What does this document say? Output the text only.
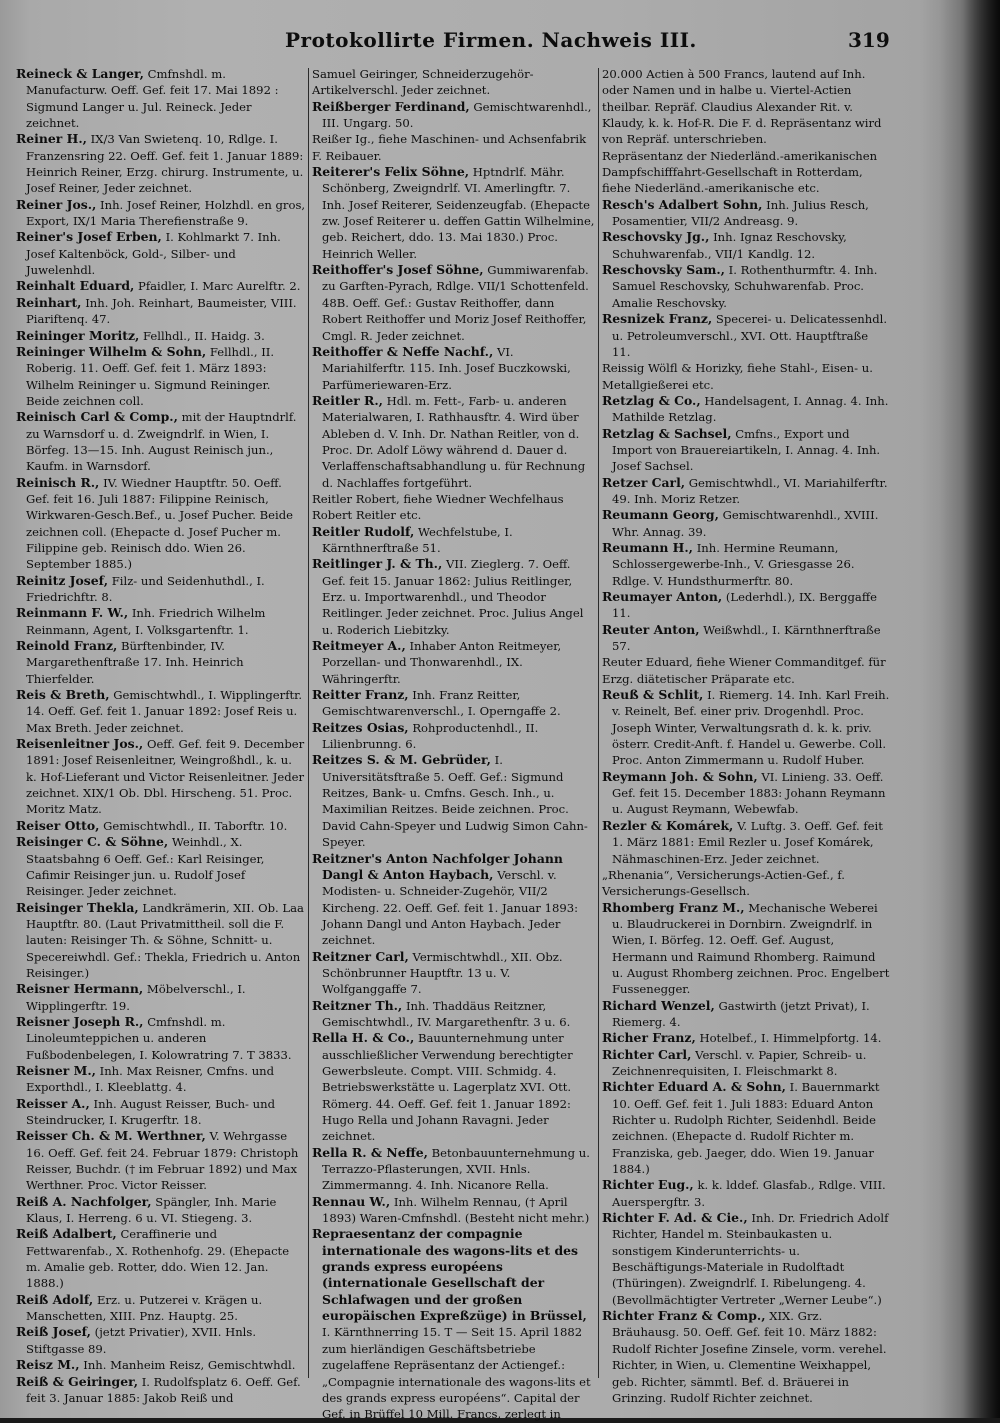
Protokollirte Firmen. Nachweis III.	319

Reineck & Langer, Cmfnshdl. m. Manufacturw. Oeff. Gef. feit 17. Mai 1892 : Sigmund Langer u. Jul. Reineck. Jeder zeichnet.

Reiner H., IX/3 Van Swietenq. 10, Rdlge. I. Franzensring 22. Oeff. Gef. feit 1. Januar 1889: Heinrich Reiner, Erzg. chirurg. Instrumente, u. Josef Reiner, Jeder zeichnet.

Reiner Jos., Inh. Josef Reiner, Holzhdl. en gros, Export, IX/1 Maria Therefienstraße 9.

Reiner's Josef Erben, I. Kohlmarkt 7. Inh. Josef Kaltenböck, Gold-, Silber- und Juwelenhdl.

Reinhalt Eduard, Pfaidler, I. Marc Aurelftr. 2.

Reinhart, Inh. Joh. Reinhart, Baumeister, VIII. Piariftenq. 47.

Reininger Moritz, Fellhdl., II. Haidg. 3.

Reininger Wilhelm & Sohn, Fellhdl., II. Roberig. 11. Oeff. Gef. feit 1. März 1893: Wilhelm Reininger u. Sigmund Reininger. Beide zeichnen coll.

Reinisch Carl & Comp., mit der Hauptndrlf. zu Warnsdorf u. d. Zweigndrlf. in Wien, I. Börfeg. 13—15. Inh. August Reinisch jun., Kaufm. in Warnsdorf.

Reinisch R., IV. Wiedner Hauptftr. 50. Oeff. Gef. feit 16. Juli 1887: Filippine Reinisch, Wirkwaren-Gesch.Bef., u. Josef Pucher. Beide zeichnen coll. (Ehepacte d. Josef Pucher m. Filippine geb. Reinisch ddo. Wien 26. September 1885.)

Reinitz Josef, Filz- und Seidenhuthdl., I. Friedrichftr. 8.

Reinmann F. W., Inh. Friedrich Wilhelm Reinmann, Agent, I. Volksgartenftr. 1.

Reinold Franz, Bürftenbinder, IV. Margarethenftraße 17. Inh. Heinrich Thierfelder.

Reis & Breth, Gemischtwhdl., I. Wipplingerftr. 14. Oeff. Gef. feit 1. Januar 1892: Josef Reis u. Max Breth. Jeder zeichnet.

Reisenleitner Jos., Oeff. Gef. feit 9. December 1891: Josef Reisenleitner, Weingroßhdl., k. u. k. Hof-Lieferant und Victor Reisenleitner. Jeder zeichnet. XIX/1 Ob. Dbl. Hirscheng. 51. Proc. Moritz Matz.

Reiser Otto, Gemischtwhdl., II. Taborftr. 10.

Reisinger C. & Söhne, Weinhdl., X. Staatsbahng 6 Oeff. Gef.: Karl Reisinger, Cafimir Reisinger jun. u. Rudolf Josef Reisinger. Jeder zeichnet.

Reisinger Thekla, Landkrämerin, XII. Ob. Laa Hauptftr. 80. (Laut Privatmittheil. soll die F. lauten: Reisinger Th. & Söhne, Schnitt- u. Specereiwhdl. Gef.: Thekla, Friedrich u. Anton Reisinger.)

Reisner Hermann, Möbelverschl., I. Wipplingerftr. 19.

Reisner Joseph R., Cmfnshdl. m. Linoleumteppichen u. anderen Fußbodenbelegen, I. Kolowratring 7. T 3833.

Reisner M., Inh. Max Reisner, Cmfns. und Exporthdl., I. Kleeblattg. 4.

Reisser A., Inh. August Reisser, Buch- und Steindrucker, I. Krugerftr. 18.

Reisser Ch. & M. Werthner, V. Wehrgasse 16. Oeff. Gef. feit 24. Februar 1879: Christoph Reisser, Buchdr. († im Februar 1892) und Max Werthner. Proc. Victor Reisser.

Reiß A. Nachfolger, Spängler, Inh. Marie Klaus, I. Herreng. 6 u. VI. Stiegeng. 3.

Reiß Adalbert, Ceraffinerie und Fettwarenfab., X. Rothenhofg. 29. (Ehepacte m. Amalie geb. Rotter, ddo. Wien 12. Jan. 1888.)

Reiß Adolf, Erz. u. Putzerei v. Krägen u. Manschetten, XIII. Pnz. Hauptg. 25.

Reiß Josef, (jetzt Privatier), XVII. Hnls. Stiftgasse 89.

Reisz M., Inh. Manheim Reisz, Gemischtwhdl.

Reiß & Geiringer, I. Rudolfsplatz 6. Oeff. Gef. feit 3. Januar 1885: Jakob Reiß und

Samuel Geiringer, Schneiderzugehör-Artikelverschl. Jeder zeichnet.

Reißberger Ferdinand, Gemischtwarenhdl., III. Ungarg. 50.

Reißer Ig., fiehe Maschinen- und Achsenfabrik F. Reibauer.

Reiterer's Felix Söhne, Hptndrlf. Mähr. Schönberg, Zweigndrlf. VI. Amerlingftr. 7. Inh. Josef Reiterer, Seidenzeugfab. (Ehepacte zw. Josef Reiterer u. deffen Gattin Wilhelmine, geb. Reichert, ddo. 13. Mai 1830.) Proc. Heinrich Weller.

Reithoffer's Josef Söhne, Gummiwarenfab. zu Garften-Pyrach, Rdlge. VII/1 Schottenfeld. 48B. Oeff. Gef.: Gustav Reithoffer, dann Robert Reithoffer und Moriz Josef Reithoffer, Cmgl. R. Jeder zeichnet.

Reithoffer & Neffe Nachf., VI. Mariahilferftr. 115. Inh. Josef Buczkowski, Parfümeriewaren-Erz.

Reitler R., Hdl. m. Fett-, Farb- u. anderen Materialwaren, I. Rathhausftr. 4. Wird über Ableben d. V. Inh. Dr. Nathan Reitler, von d. Proc. Dr. Adolf Löwy während d. Dauer d. Verlaffenschaftsabhandlung u. für Rechnung d. Nachlaffes fortgeführt.

Reitler Robert, fiehe Wiedner Wechfelhaus Robert Reitler etc.

Reitler Rudolf, Wechfelstube, I. Kärnthnerftraße 51.

Reitlinger J. & Th., VII. Zieglerg. 7. Oeff. Gef. feit 15. Januar 1862: Julius Reitlinger, Erz. u. Importwarenhdl., und Theodor Reitlinger. Jeder zeichnet. Proc. Julius Angel u. Roderich Liebitzky.

Reitmeyer A., Inhaber Anton Reitmeyer, Porzellan- und Thonwarenhdl., IX. Währingerftr.

Reitter Franz, Inh. Franz Reitter, Gemischtwarenverschl., I. Operngaffe 2.

Reitzes Osias, Rohproductenhdl., II. Lilienbrunng. 6.

Reitzes S. & M. Gebrüder, I. Universitätsftraße 5. Oeff. Gef.: Sigmund Reitzes, Bank- u. Cmfns. Gesch. Inh., u. Maximilian Reitzes. Beide zeichnen. Proc. David Cahn-Speyer und Ludwig Simon Cahn-Speyer.

Reitzner's Anton Nachfolger Johann Dangl & Anton Haybach, Verschl. v. Modisten- u. Schneider-Zugehör, VII/2 Kircheng. 22. Oeff. Gef. feit 1. Januar 1893: Johann Dangl und Anton Haybach. Jeder zeichnet.

Reitzner Carl, Vermischtwhdl., XII. Obz. Schönbrunner Hauptftr. 13 u. V. Wolfganggaffe 7.

Reitzner Th., Inh. Thaddäus Reitzner, Gemischtwhdl., IV. Margarethenftr. 3 u. 6.

Rella H. & Co., Bauunternehmung unter ausschließlicher Verwendung berechtigter Gewerbsleute. Compt. VIII. Schmidg. 4. Betriebswerkstätte u. Lagerplatz XVI. Ott. Römerg. 44. Oeff. Gef. feit 1. Januar 1892: Hugo Rella und Johann Ravagni. Jeder zeichnet.

Rella R. & Neffe, Betonbauunternehmung u. Terrazzo-Pflasterungen, XVII. Hnls. Zimmermanng. 4. Inh. Nicanore Rella.

Rennau W., Inh. Wilhelm Rennau, († April 1893) Waren-Cmfnshdl. (Besteht nicht mehr.)

Repraesentanz der compagnie internationale des wagons-lits et des grands express européens (internationale Gesellschaft der Schlafwagen und der großen europäischen Expreßzüge) in Brüssel, I. Kärnthnerring 15. T — Seit 15. April 1882 zum hierländigen Geschäftsbetriebe zugelaffene Repräsentanz der Actiengef.: „Compagnie internationale des wagons-lits et des grands express européens“. Capital der Gef. in Brüffel 10 Mill. Francs, zerlegt in

20.000 Actien à 500 Francs, lautend auf Inh. oder Namen und in halbe u. Viertel-Actien theilbar. Repräf. Claudius Alexander Rit. v. Klaudy, k. k. Hof-R. Die F. d. Repräsentanz wird von Repräf. unterschrieben.

Repräsentanz der Niederländ.-amerikanischen Dampfschifffahrt-Gesellschaft in Rotterdam, fiehe Niederländ.-amerikanische etc.

Resch's Adalbert Sohn, Inh. Julius Resch, Posamentier, VII/2 Andreasg. 9.

Reschovsky Jg., Inh. Ignaz Reschovsky, Schuhwarenfab., VII/1 Kandlg. 12.

Reschovsky Sam., I. Rothenthurmftr. 4. Inh. Samuel Reschovsky, Schuhwarenfab. Proc. Amalie Reschovsky.

Resnizek Franz, Specerei- u. Delicatessenhdl. u. Petroleumverschl., XVI. Ott. Hauptftraße 11.

Reissig Wölfl & Horizky, fiehe Stahl-, Eisen- u. Metallgießerei etc.

Retzlag & Co., Handelsagent, I. Annag. 4. Inh. Mathilde Retzlag.

Retzlag & Sachsel, Cmfns., Export und Import von Brauereiartikeln, I. Annag. 4. Inh. Josef Sachsel.

Retzer Carl, Gemischtwhdl., VI. Mariahilferftr. 49. Inh. Moriz Retzer.

Reumann Georg, Gemischtwarenhdl., XVIII. Whr. Annag. 39.

Reumann H., Inh. Hermine Reumann, Schlossergewerbe-Inh., V. Griesgasse 26. Rdlge. V. Hundsthurmerftr. 80.

Reumayer Anton, (Lederhdl.), IX. Berggaffe 11.

Reuter Anton, Weißwhdl., I. Kärnthnerftraße 57.

Reuter Eduard, fiehe Wiener Commanditgef. für Erzg. diätetischer Präparate etc.

Reuß & Schlit, I. Riemerg. 14. Inh. Karl Freih. v. Reinelt, Bef. einer priv. Drogenhdl. Proc. Joseph Winter, Verwaltungsrath d. k. k. priv. österr. Credit-Anft. f. Handel u. Gewerbe. Coll. Proc. Anton Zimmermann u. Rudolf Huber.

Reymann Joh. & Sohn, VI. Linieng. 33. Oeff. Gef. feit 15. December 1883: Johann Reymann u. August Reymann, Webewfab.

Rezler & Komárek, V. Luftg. 3. Oeff. Gef. feit 1. März 1881: Emil Rezler u. Josef Komárek, Nähmaschinen-Erz. Jeder zeichnet.

„Rhenania“, Versicherungs-Actien-Gef., f. Versicherungs-Gesellsch.

Rhomberg Franz M., Mechanische Weberei u. Blaudruckerei in Dornbirn. Zweigndrlf. in Wien, I. Börfeg. 12. Oeff. Gef. August, Hermann und Raimund Rhomberg. Raimund u. August Rhomberg zeichnen. Proc. Engelbert Fussenegger.

Richard Wenzel, Gastwirth (jetzt Privat), I. Riemerg. 4.

Richer Franz, Hotelbef., I. Himmelpfortg. 14.

Richter Carl, Verschl. v. Papier, Schreib- u. Zeichnenrequisiten, I. Fleischmarkt 8.

Richter Eduard A. & Sohn, I. Bauernmarkt 10. Oeff. Gef. feit 1. Juli 1883: Eduard Anton Richter u. Rudolph Richter, Seidenhdl. Beide zeichnen. (Ehepacte d. Rudolf Richter m. Franziska, geb. Jaeger, ddo. Wien 19. Januar 1884.)

Richter Eug., k. k. lddef. Glasfab., Rdlge. VIII. Auerspergftr. 3.

Richter F. Ad. & Cie., Inh. Dr. Friedrich Adolf Richter, Handel m. Steinbaukasten u. sonstigem Kinderunterrichts- u. Beschäftigungs-Materiale in Rudolftadt (Thüringen). Zweigndrlf. I. Ribelungeng. 4. (Bevollmächtigter Vertreter „Werner Leube“.)

Richter Franz & Comp., XIX. Grz. Bräuhausg. 50. Oeff. Gef. feit 10. März 1882: Rudolf Richter Josefine Zinsele, vorm. verehel. Richter, in Wien, u. Clementine Weixhappel, geb. Richter, sämmtl. Bef. d. Bräuerei in Grinzing. Rudolf Richter zeichnet.
